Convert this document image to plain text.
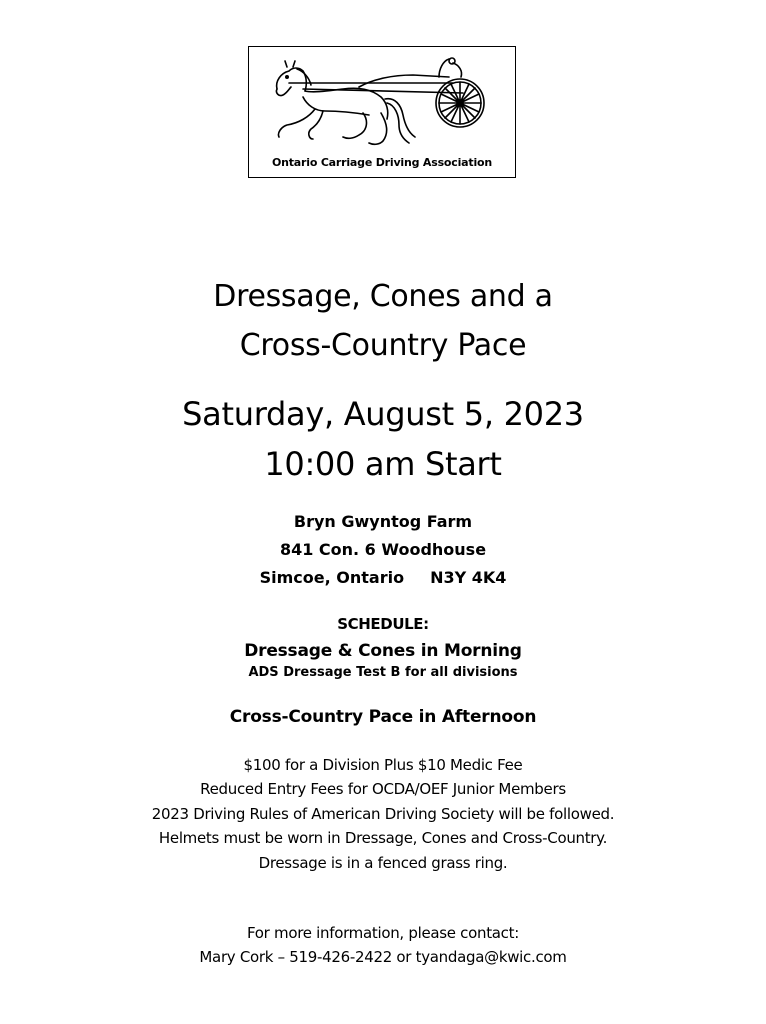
Ontario Carriage Driving Association
Dressage, Cones and a
Cross-Country Pace
Saturday, August 5, 2023
10:00 am Start
Bryn Gwyntog Farm
841 Con. 6 Woodhouse
Simcoe, Ontario N3Y 4K4
SCHEDULE:
Dressage & Cones in Morning
ADS Dressage Test B for all divisions
Cross-Country Pace in Afternoon
$100 for a Division Plus $10 Medic Fee
Reduced Entry Fees for OCDA/OEF Junior Members
2023 Driving Rules of American Driving Society will be followed.
Helmets must be worn in Dressage, Cones and Cross-Country.
Dressage is in a fenced grass ring.
For more information, please contact:
Mary Cork – 519-426-2422 or tyandaga@kwic.com
